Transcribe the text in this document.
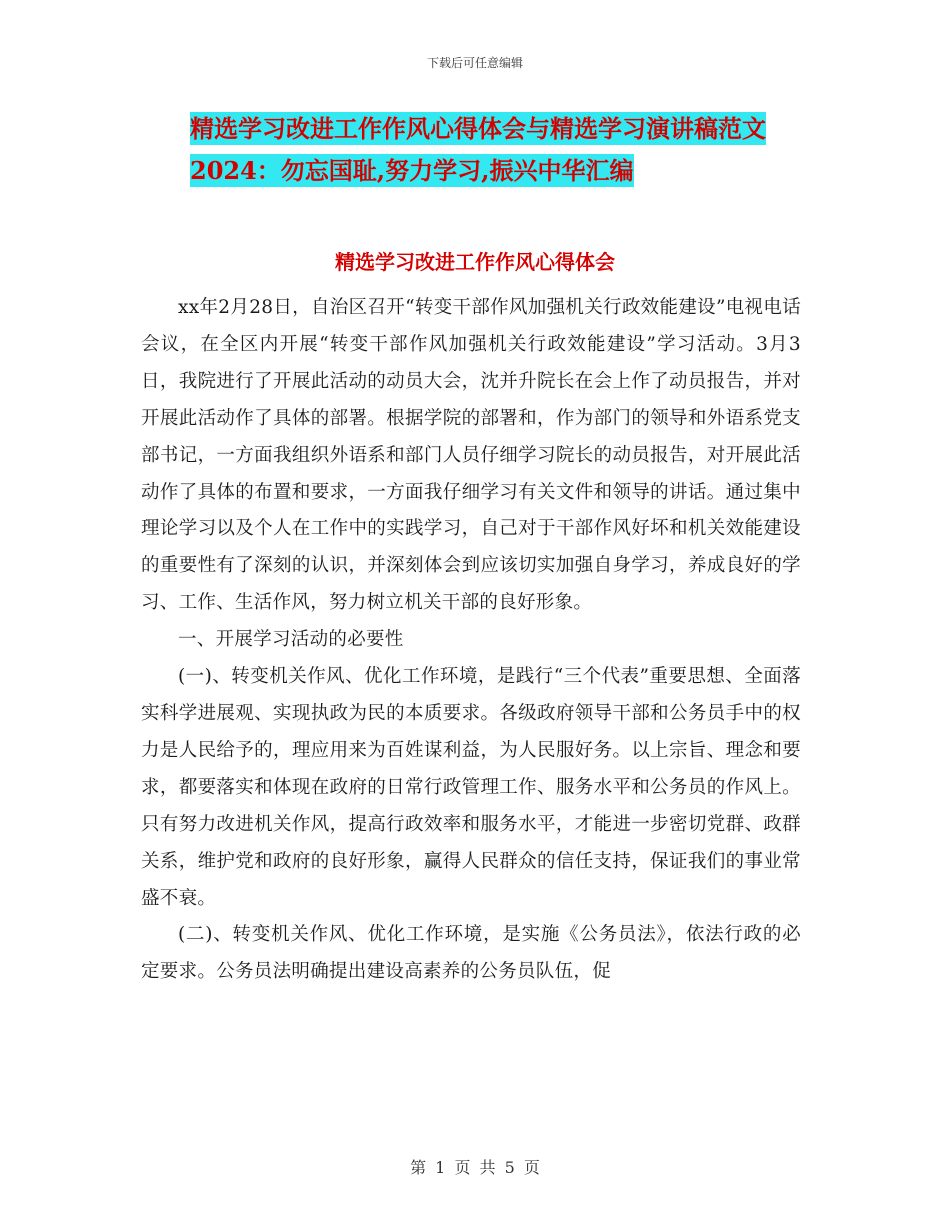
下载后可任意编辑
精选学习改进工作作风心得体会与精选学习演讲稿范文2024：勿忘国耻,努力学习,振兴中华汇编
精选学习改进工作作风心得体会

xx年2月28日，自治区召开“转变干部作风加强机关行政效能建设”电视电话会议，在全区内开展“转变干部作风加强机关行政效能建设”学习活动。3月3日，我院进行了开展此活动的动员大会，沈并升院长在会上作了动员报告，并对开展此活动作了具体的部署。根据学院的部署和，作为部门的领导和外语系党支部书记，一方面我组织外语系和部门人员仔细学习院长的动员报告，对开展此活动作了具体的布置和要求，一方面我仔细学习有关文件和领导的讲话。通过集中理论学习以及个人在工作中的实践学习，自己对于干部作风好坏和机关效能建设的重要性有了深刻的认识，并深刻体会到应该切实加强自身学习，养成良好的学习、工作、生活作风，努力树立机关干部的良好形象。

一、开展学习活动的必要性

(一)、转变机关作风、优化工作环境，是践行“三个代表”重要思想、全面落实科学进展观、实现执政为民的本质要求。各级政府领导干部和公务员手中的权力是人民给予的，理应用来为百姓谋利益，为人民服好务。以上宗旨、理念和要求，都要落实和体现在政府的日常行政管理工作、服务水平和公务员的作风上。只有努力改进机关作风，提高行政效率和服务水平，才能进一步密切党群、政群关系，维护党和政府的良好形象，赢得人民群众的信任支持，保证我们的事业常盛不衰。

(二)、转变机关作风、优化工作环境，是实施《公务员法》，依法行政的必定要求。公务员法明确提出建设高素养的公务员队伍，促

第 1 页 共 5 页
